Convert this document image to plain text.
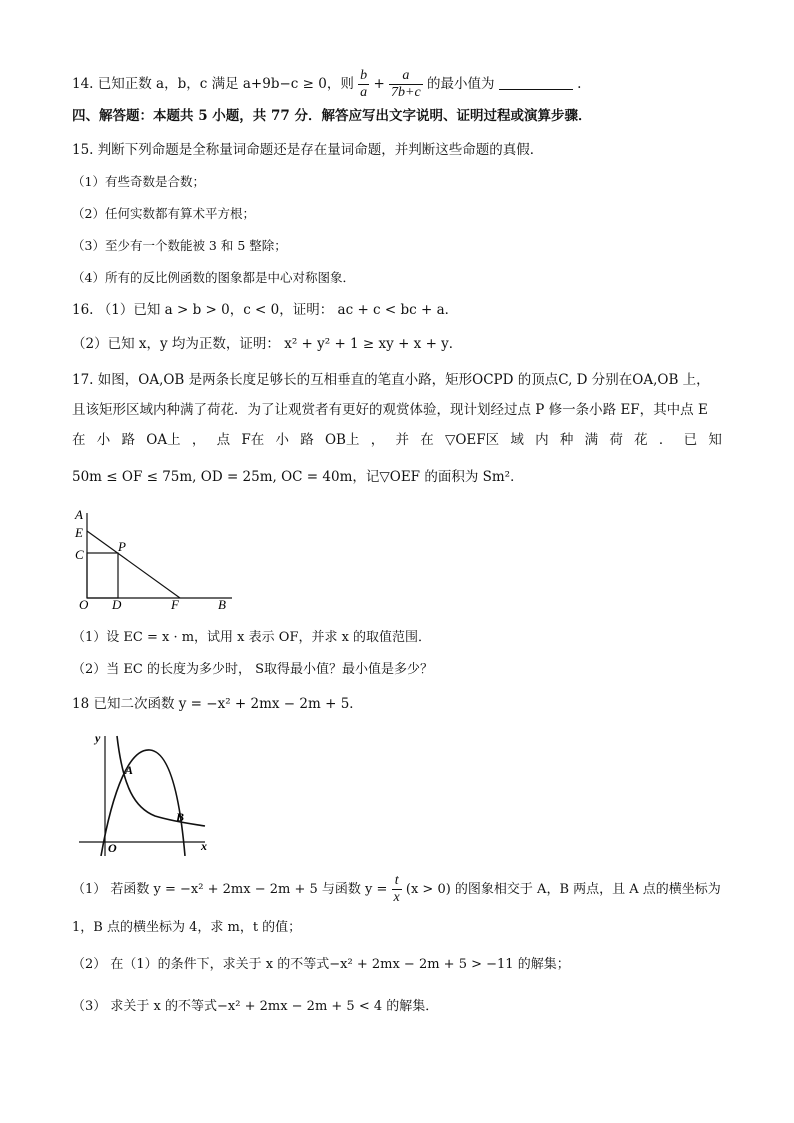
14. 已知正数 a，b，c 满足 a+9b−c ≥ 0，则 $\frac{b}{a} + \frac{a}{7b+c}$ 的最小值为	.
四、解答题：本题共 5 小题，共 77 分．解答应写出文字说明、证明过程或演算步骤．
15. 判断下列命题是全称量词命题还是存在量词命题，并判断这些命题的真假．
（1）有些奇数是合数；
（2）任何实数都有算术平方根；
（3）至少有一个数能被 3 和 5 整除；
（4）所有的反比例函数的图象都是中心对称图象．
16. （1）已知 a > b > 0，c < 0，证明： ac + c < bc + a．
（2）已知 x，y 均为正数，证明： x² + y² + 1 ≥ xy + x + y．
17. 如图，OA,OB 是两条长度足够长的互相垂直的笔直小路，矩形OCPD 的顶点C, D 分别在OA,OB 上，
且该矩形区域内种满了荷花．为了让观赏者有更好的观赏体验，现计划经过点 P 修一条小路 EF，其中点 E
在 小 路 OA上 ， 点 F在 小 路 OB上 ， 并 在 ▽OEF区 域 内 种 满 荷 花 ． 已 知
50m ≤ OF ≤ 75m, OD = 25m, OC = 40m，记▽OEF 的面积为 Sm²．
A
E
C
P
O D	F	B
（1）设 EC = x · m，试用 x 表示 OF，并求 x 的取值范围．
（2）当 EC 的长度为多少时， S取得最小值？最小值是多少？
18 已知二次函数 y = −x² + 2mx − 2m + 5．
y
x
O
A
B
（1） 若函数 y = −x² + 2mx − 2m + 5 与函数 $y = \frac{t}{x} (x > 0)$ 的图象相交于 A，B 两点，且 A 点的横坐标为
1，B 点的横坐标为 4，求 m，t 的值；
（2） 在（1）的条件下，求关于 x 的不等式−x² + 2mx − 2m + 5 > −11 的解集；
（3） 求关于 x 的不等式−x² + 2mx − 2m + 5 < 4 的解集．
